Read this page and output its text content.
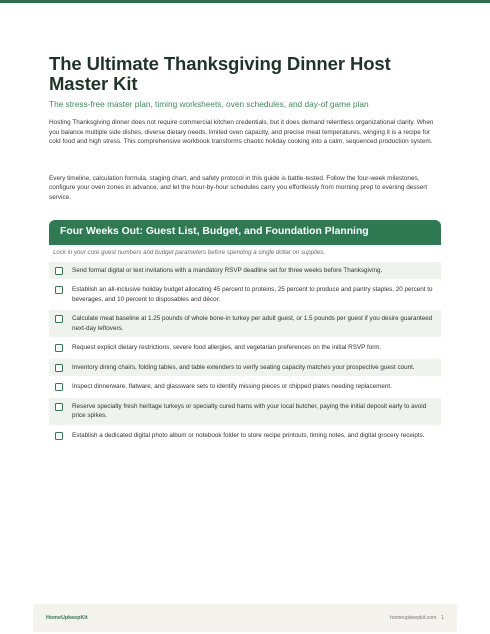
The Ultimate Thanksgiving Dinner Host Master Kit
The stress-free master plan, timing worksheets, oven schedules, and day-of game plan

Hosting Thanksgiving dinner does not require commercial kitchen credentials, but it does demand relentless organizational clarity. When you balance multiple side dishes, diverse dietary needs, limited oven capacity, and precise meat temperatures, winging it is a recipe for cold food and high stress. This comprehensive workbook transforms chaotic holiday cooking into a calm, sequenced production system.

Every timeline, calculation formula, staging chart, and safety protocol in this guide is battle-tested. Follow the four-week milestones, configure your oven zones in advance, and let the hour-by-hour schedules carry you effortlessly from morning prep to evening dessert service.

Four Weeks Out: Guest List, Budget, and Foundation Planning
Lock in your core guest numbers and budget parameters before spending a single dollar on supplies.
Send formal digital or text invitations with a mandatory RSVP deadline set for three weeks before Thanksgiving.
Establish an all-inclusive holiday budget allocating 45 percent to proteins, 25 percent to produce and pantry staples, 20 percent to beverages, and 10 percent to disposables and décor.
Calculate meat baseline at 1.25 pounds of whole bone-in turkey per adult guest, or 1.5 pounds per guest if you desire guaranteed next-day leftovers.
Request explicit dietary restrictions, severe food allergies, and vegetarian preferences on the initial RSVP form.
Inventory dining chairs, folding tables, and table extenders to verify seating capacity matches your prospective guest count.
Inspect dinnerware, flatware, and glassware sets to identify missing pieces or chipped plates needing replacement.
Reserve specialty fresh heritage turkeys or specialty cured hams with your local butcher, paying the initial deposit early to avoid price spikes.
Establish a dedicated digital photo album or notebook folder to store recipe printouts, timing notes, and digital grocery receipts.
HomeUpkeepKit	homeupkeepkit.com · 1
